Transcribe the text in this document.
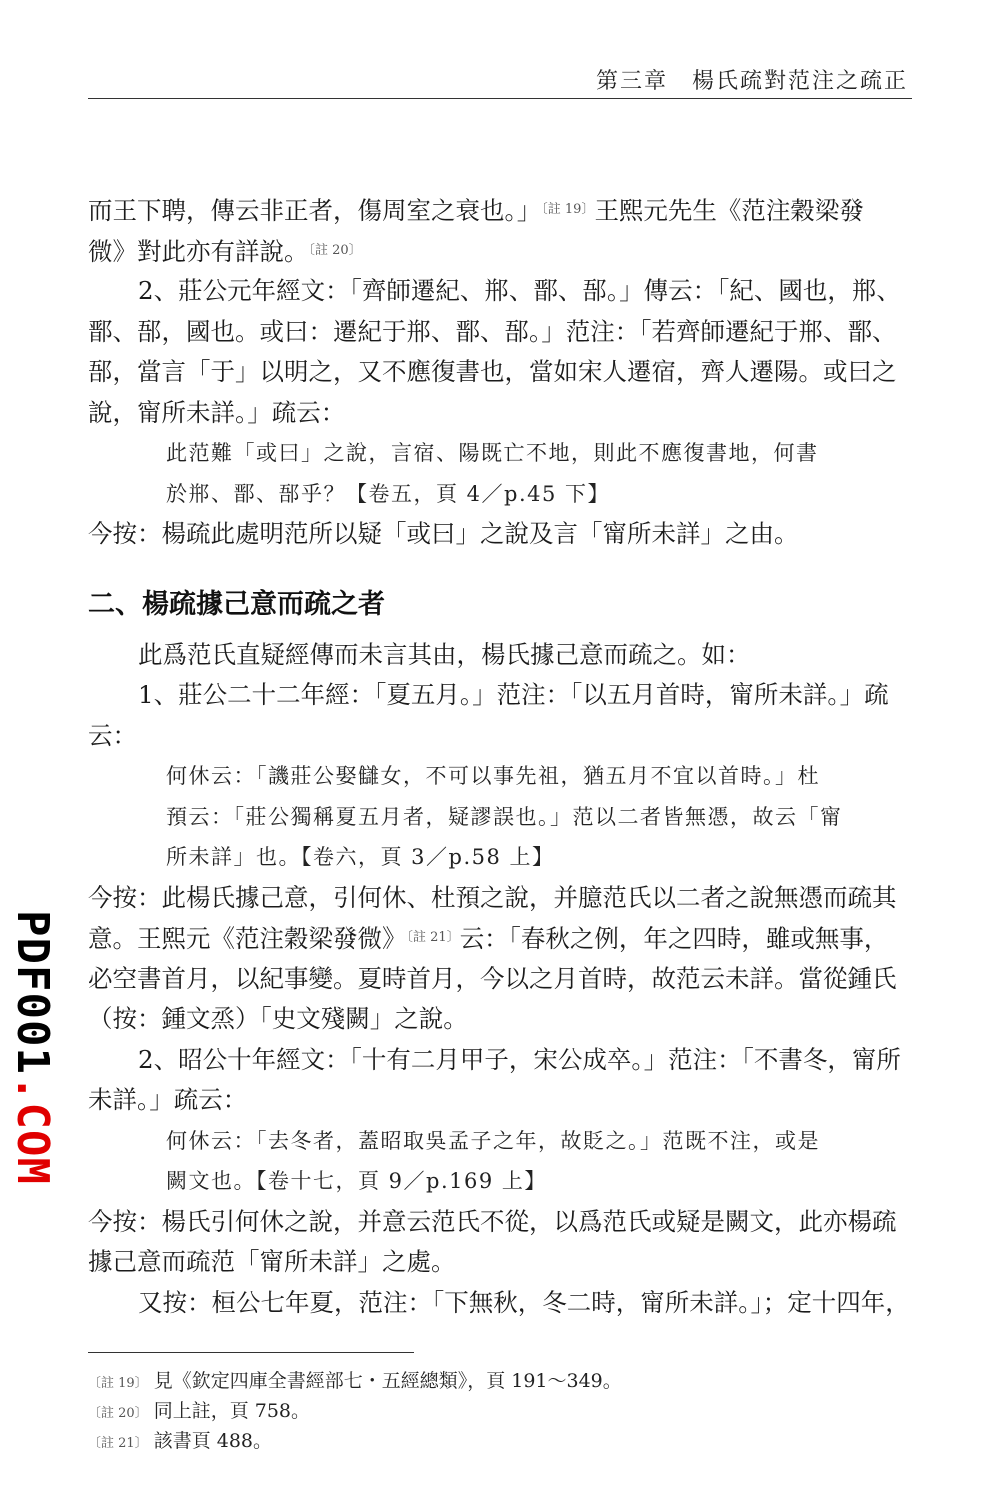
第三章　楊氏疏對范注之疏正
而王下聘，傳云非正者，傷周室之衰也。」$^{〔註 19〕}$王熙元先生《范注穀梁發
微》對此亦有詳說。$^{〔註 20〕}$
2、莊公元年經文：「齊師遷紀、郱、鄑、郚。」傳云：「紀、國也，郱、
鄑、郚，國也。或曰：遷紀于郱、鄑、郚。」范注：「若齊師遷紀于郱、鄑、
郚，當言「于」以明之，又不應復書也，當如宋人遷宿，齊人遷陽。或曰之
說，甯所未詳。」疏云：
此范難「或曰」之說，言宿、陽既亡不地，則此不應復書地，何書
於郱、鄑、郚乎？【卷五，頁 4／p.45 下】
今按：楊疏此處明范所以疑「或曰」之說及言「甯所未詳」之由。
二、楊疏據己意而疏之者
此爲范氏直疑經傳而未言其由，楊氏據己意而疏之。如：
1、莊公二十二年經：「夏五月。」范注：「以五月首時，甯所未詳。」疏
云：
何休云：「譏莊公娶讎女，不可以事先祖，猶五月不宜以首時。」杜
預云：「莊公獨稱夏五月者，疑謬誤也。」范以二者皆無憑，故云「甯
所未詳」也。【卷六，頁 3／p.58 上】
今按：此楊氏據己意，引何休、杜預之說，并臆范氏以二者之說無憑而疏其
意。王熙元《范注穀梁發微》$^{〔註 21〕}$云：「春秋之例，年之四時，雖或無事，
必空書首月，以紀事變。夏時首月，今以之月首時，故范云未詳。當從鍾氏
（按：鍾文烝）「史文殘闕」之說。
2、昭公十年經文：「十有二月甲子，宋公成卒。」范注：「不書冬，甯所
未詳。」疏云：
何休云：「去冬者，蓋昭取吳孟子之年，故貶之。」范既不注，或是
闕文也。【卷十七，頁 9／p.169 上】
今按：楊氏引何休之說，并意云范氏不從，以爲范氏或疑是闕文，此亦楊疏
據己意而疏范「甯所未詳」之處。
又按：桓公七年夏，范注：「下無秋，冬二時，甯所未詳。」；定十四年，
〔註 19〕 見《欽定四庫全書經部七・五經總類》，頁 191～349。
〔註 20〕 同上註，頁 758。
〔註 21〕 該書頁 488。
PDF001
.COM
